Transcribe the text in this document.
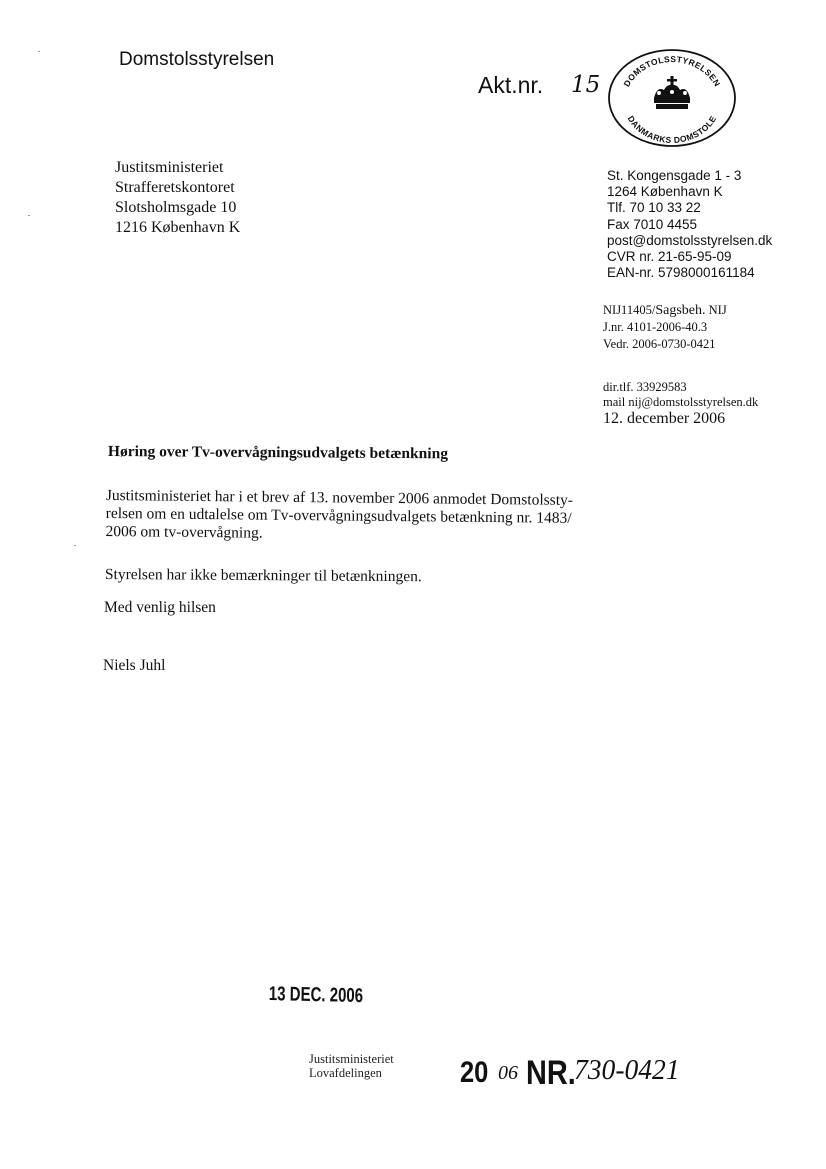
Domstolsstyrelsen
Akt.nr. 15 DOMSTOLSSTYRELSEN
DANMARKS DOMSTOLE
Justitsministeriet
Strafferetskontoret
Slotsholmsgade 10
1216 København K
St. Kongensgade 1 - 3
1264 København K
Tlf. 70 10 33 22
Fax 7010 4455
post@domstolsstyrelsen.dk
CVR nr. 21-65-95-09
EAN-nr. 5798000161184
NIJ11405/Sagsbeh. NIJ
J.nr. 4101-2006-40.3
Vedr. 2006-0730-0421
dir.tlf. 33929583
mail nij@domstolsstyrelsen.dk
12. december 2006
Høring over Tv-overvågningsudvalgets betænkning
Justitsministeriet har i et brev af 13. november 2006 anmodet Domstolssty-
relsen om en udtalelse om Tv-overvågningsudvalgets betænkning nr. 1483/
2006 om tv-overvågning.
Styrelsen har ikke bemærkninger til betænkningen.
Med venlig hilsen
Niels Juhl
13 DEC. 2006
Justitsministeriet
Lovafdelingen	20 06 NR.
730-0421
